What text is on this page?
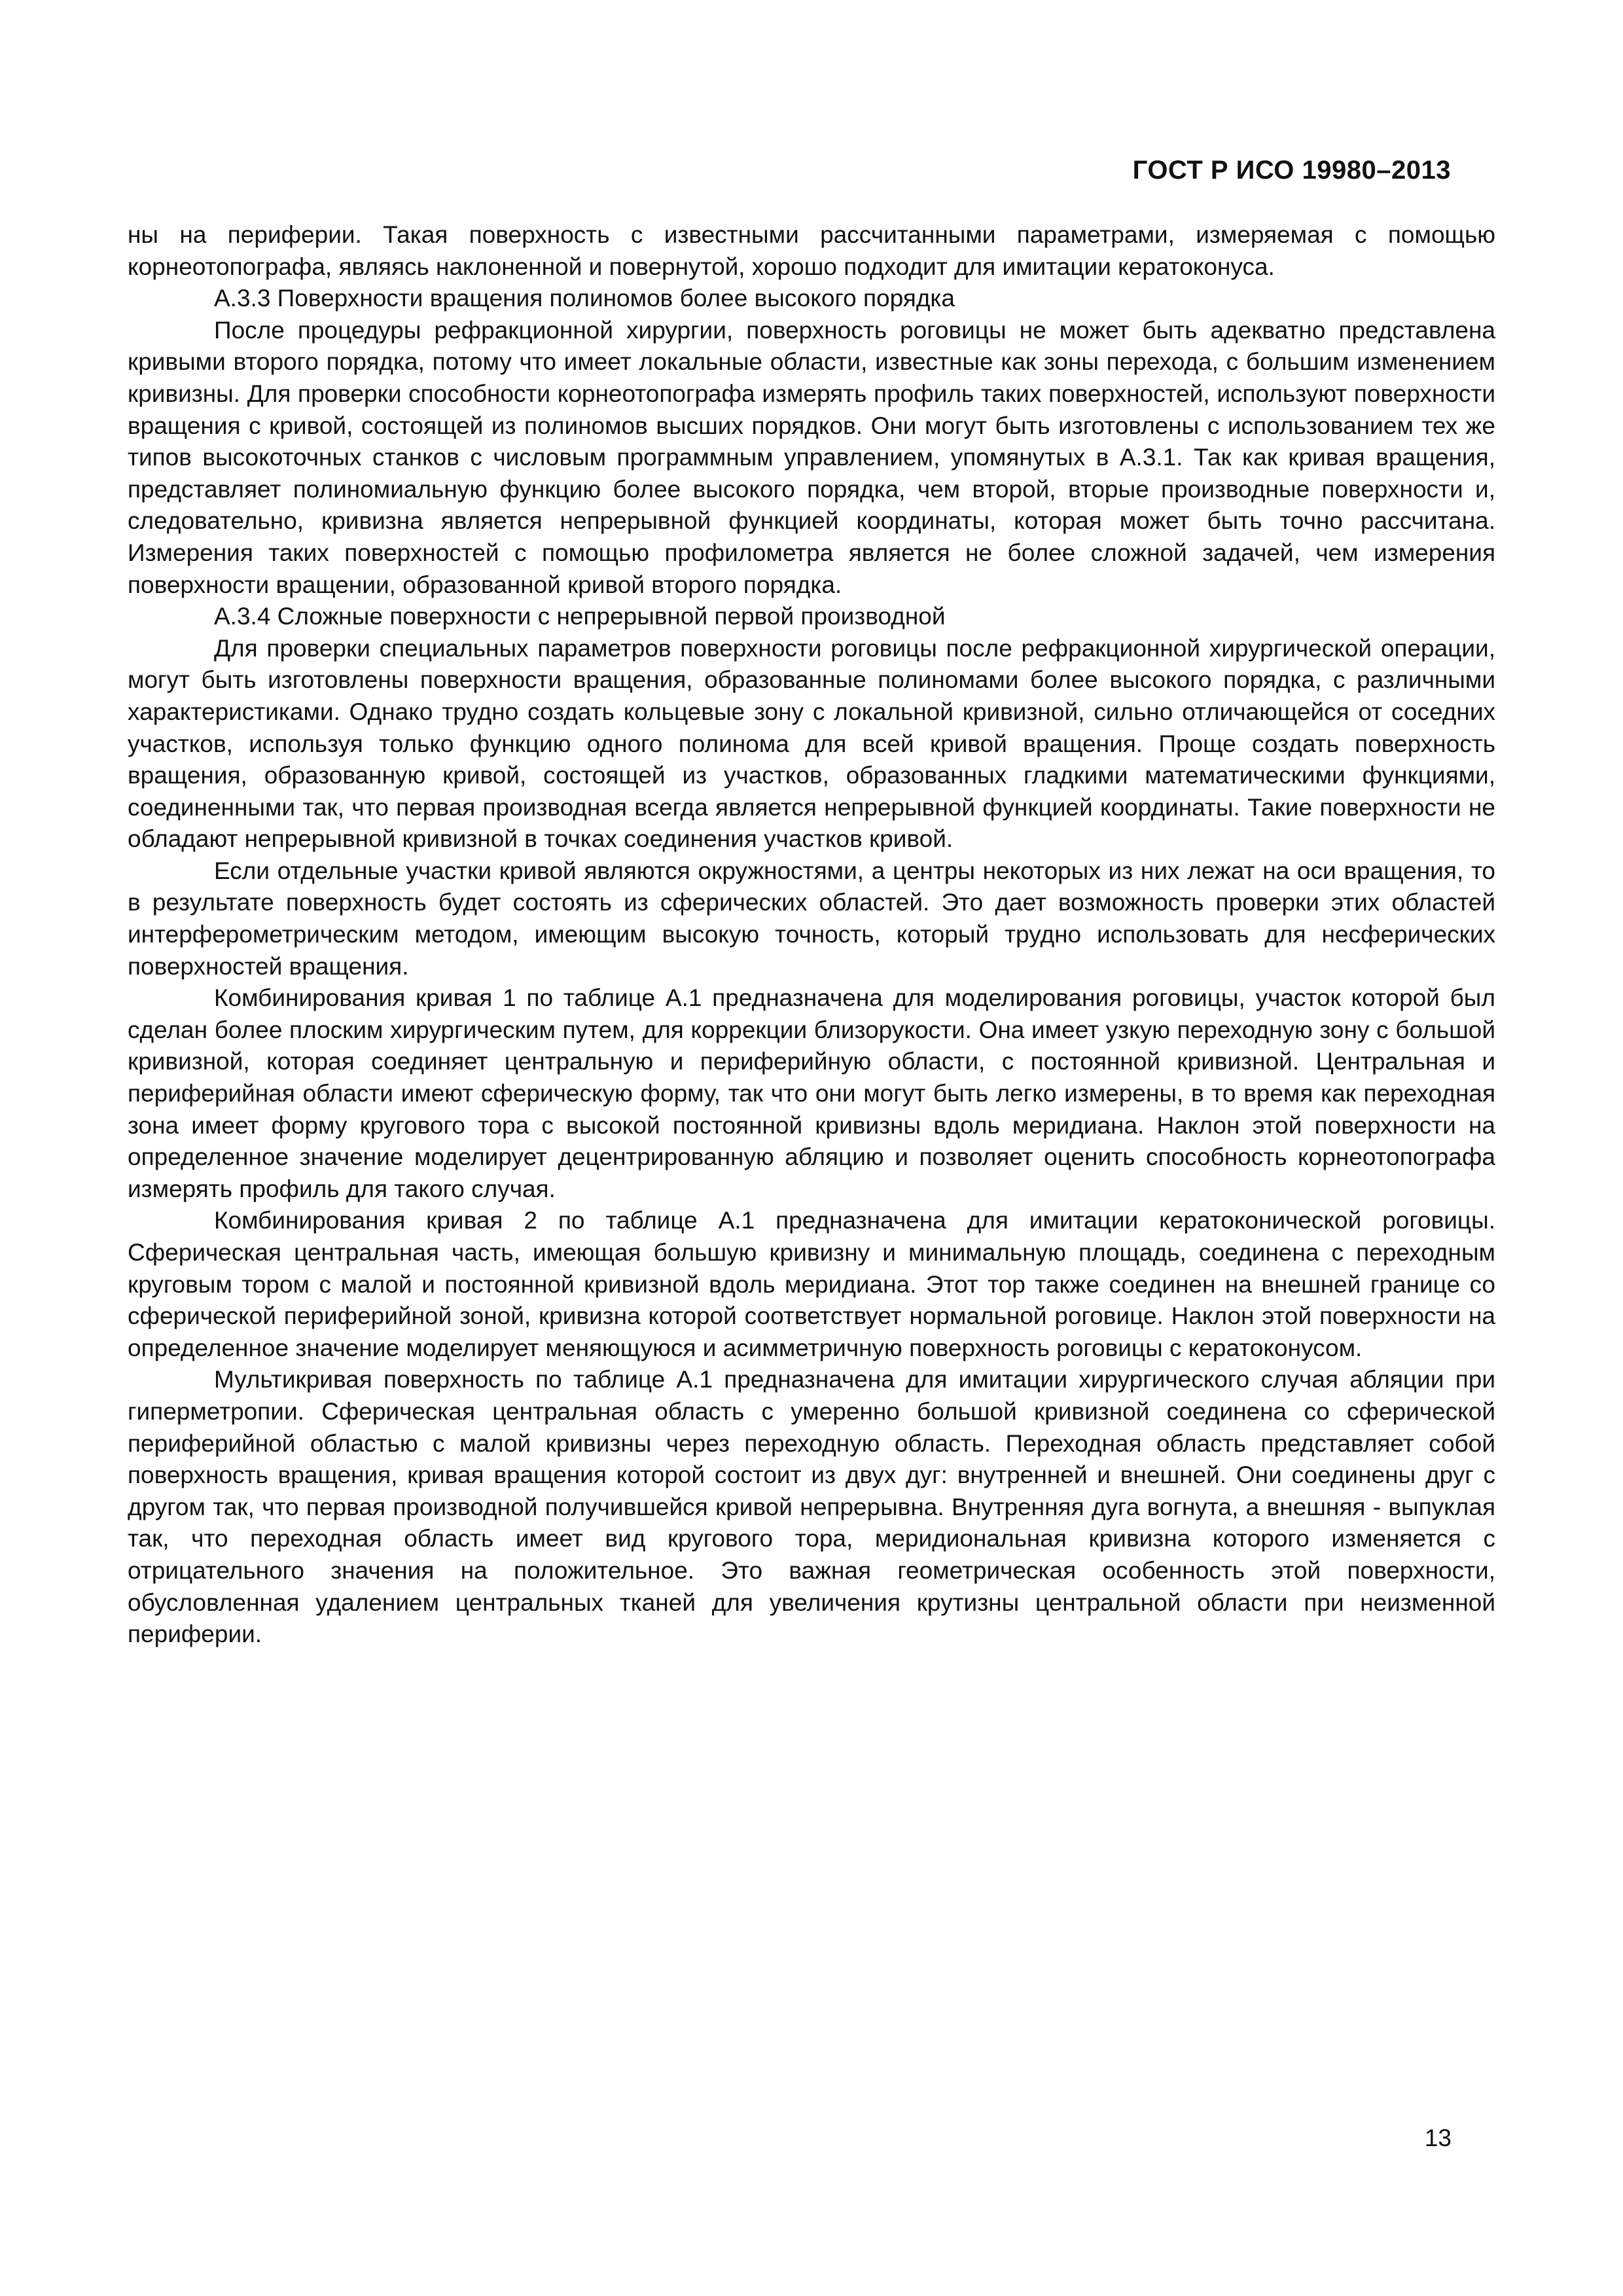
ГОСТ Р ИСО 19980–2013

ны на периферии. Такая поверхность с известными рассчитанными параметрами, измеряемая с помощью корнеотопографа, являясь наклоненной и повернутой, хорошо подходит для имитации кератоконуса.

А.3.3 Поверхности вращения полиномов более высокого порядка

После процедуры рефракционной хирургии, поверхность роговицы не может быть адекватно представлена кривыми второго порядка, потому что имеет локальные области, известные как зоны перехода, с большим изменением кривизны. Для проверки способности корнеотопографа измерять профиль таких поверхностей, используют поверхности вращения с кривой, состоящей из полиномов высших порядков. Они могут быть изготовлены с использованием тех же типов высокоточных станков с числовым программным управлением, упомянутых в А.3.1. Так как кривая вращения, представляет полиномиальную функцию более высокого порядка, чем второй, вторые производные поверхности и, следовательно, кривизна является непрерывной функцией координаты, которая может быть точно рассчитана. Измерения таких поверхностей с помощью профилометра является не более сложной задачей, чем измерения поверхности вращении, образованной кривой второго порядка.

А.3.4 Сложные поверхности с непрерывной первой производной

Для проверки специальных параметров поверхности роговицы после рефракционной хирургической операции, могут быть изготовлены поверхности вращения, образованные полиномами более высокого порядка, с различными характеристиками. Однако трудно создать кольцевые зону с локальной кривизной, сильно отличающейся от соседних участков, используя только функцию одного полинома для всей кривой вращения. Проще создать поверхность вращения, образованную кривой, состоящей из участков, образованных гладкими математическими функциями, соединенными так, что первая производная всегда является непрерывной функцией координаты. Такие поверхности не обладают непрерывной кривизной в точках соединения участков кривой.

Если отдельные участки кривой являются окружностями, а центры некоторых из них лежат на оси вращения, то в результате поверхность будет состоять из сферических областей. Это дает возможность проверки этих областей интерферометрическим методом, имеющим высокую точность, который трудно использовать для несферических поверхностей вращения.

Комбинирования кривая 1 по таблице А.1 предназначена для моделирования роговицы, участок которой был сделан более плоским хирургическим путем, для коррекции близорукости. Она имеет узкую переходную зону с большой кривизной, которая соединяет центральную и периферийную области, с постоянной кривизной. Центральная и периферийная области имеют сферическую форму, так что они могут быть легко измерены, в то время как переходная зона имеет форму кругового тора с высокой постоянной кривизны вдоль меридиана. Наклон этой поверхности на определенное значение моделирует децентрированную абляцию и позволяет оценить способность корнеотопографа измерять профиль для такого случая.

Комбинирования кривая 2 по таблице А.1 предназначена для имитации кератоконической роговицы. Сферическая центральная часть, имеющая большую кривизну и минимальную площадь, соединена с переходным круговым тором с малой и постоянной кривизной вдоль меридиана. Этот тор также соединен на внешней границе со сферической периферийной зоной, кривизна которой соответствует нормальной роговице. Наклон этой поверхности на определенное значение моделирует меняющуюся и асимметричную поверхность роговицы с кератоконусом.

Мультикривая поверхность по таблице А.1 предназначена для имитации хирургического случая абляции при гиперметропии. Сферическая центральная область с умеренно большой кривизной соединена со сферической периферийной областью с малой кривизны через переходную область. Переходная область представляет собой поверхность вращения, кривая вращения которой состоит из двух дуг: внутренней и внешней. Они соединены друг с другом так, что первая производной получившейся кривой непрерывна. Внутренняя дуга вогнута, а внешняя - выпуклая так, что переходная область имеет вид кругового тора, меридиональная кривизна которого изменяется с отрицательного значения на положительное. Это важная геометрическая особенность этой поверхности, обусловленная удалением центральных тканей для увеличения крутизны центральной области при неизменной периферии.

13
